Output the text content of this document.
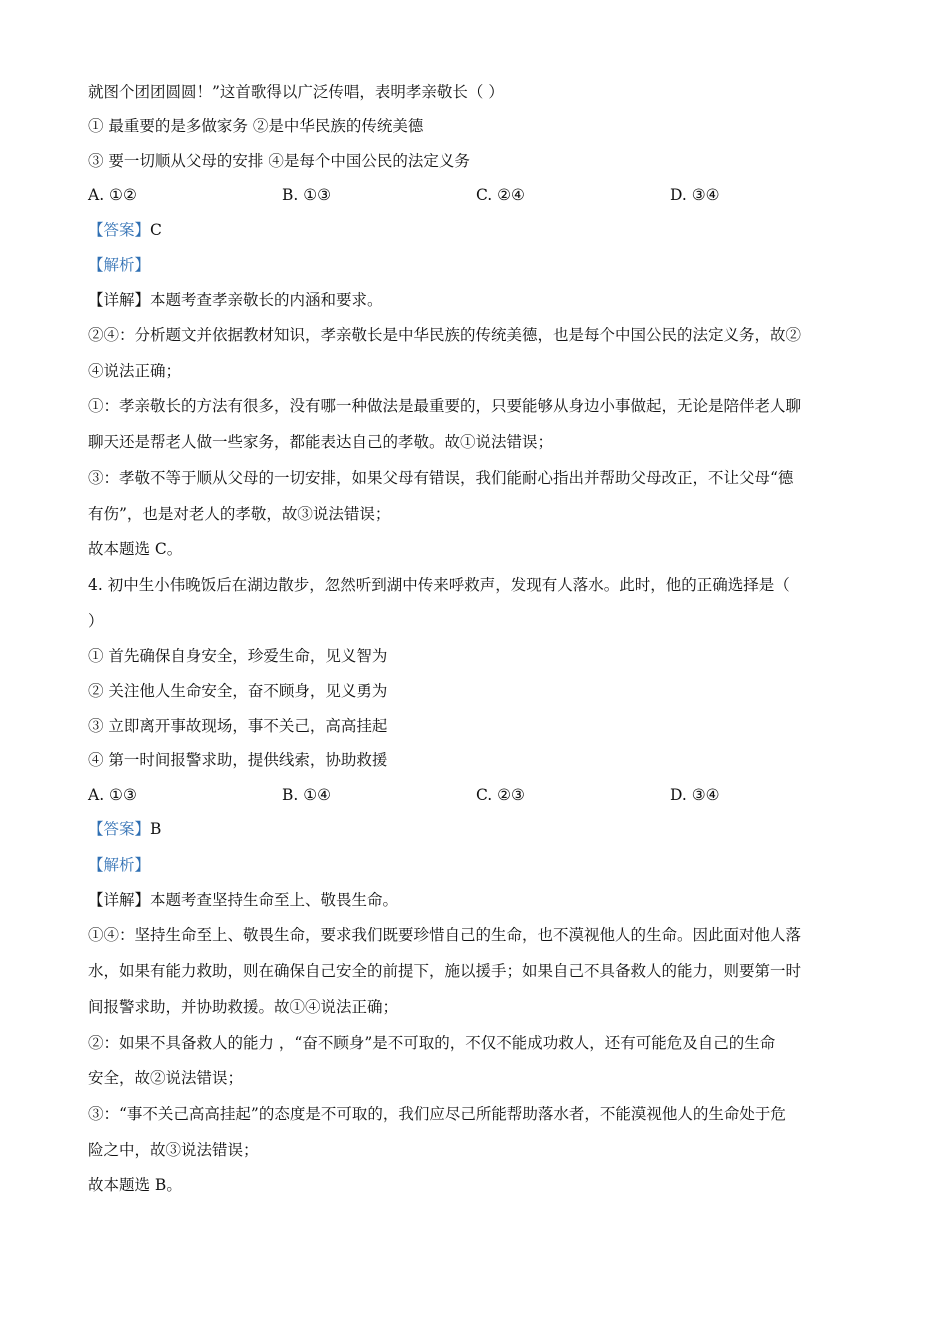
就图个团团圆圆！”这首歌得以广泛传唱，表明孝亲敬长（ ）
① 最重要的是多做家务 ②是中华民族的传统美德
③ 要一切顺从父母的安排 ④是每个中国公民的法定义务
A. ①②	B. ①③	C. ②④	D. ③④
【答案】C
【解析】
【详解】本题考查孝亲敬长的内涵和要求。
②④：分析题文并依据教材知识，孝亲敬长是中华民族的传统美德，也是每个中国公民的法定义务，故②
④说法正确；
①：孝亲敬长的方法有很多，没有哪一种做法是最重要的，只要能够从身边小事做起，无论是陪伴老人聊
聊天还是帮老人做一些家务，都能表达自己的孝敬。故①说法错误；
③：孝敬不等于顺从父母的一切安排，如果父母有错误，我们能耐心指出并帮助父母改正，不让父母“德
有伤”，也是对老人的孝敬，故③说法错误；
故本题选 C。
4. 初中生小伟晚饭后在湖边散步，忽然听到湖中传来呼救声，发现有人落水。此时，他的正确选择是（
）
① 首先确保自身安全，珍爱生命，见义智为
② 关注他人生命安全，奋不顾身，见义勇为
③ 立即离开事故现场，事不关己，高高挂起
④ 第一时间报警求助，提供线索，协助救援
A. ①③	B. ①④	C. ②③	D. ③④
【答案】B
【解析】
【详解】本题考查坚持生命至上、敬畏生命。
①④：坚持生命至上、敬畏生命，要求我们既要珍惜自己的生命，也不漠视他人的生命。因此面对他人落
水，如果有能力救助，则在确保自己安全的前提下，施以援手；如果自己不具备救人的能力，则要第一时
间报警求助，并协助救援。故①④说法正确；
②：如果不具备救人的能力 ，“奋不顾身”是不可取的，不仅不能成功救人，还有可能危及自己的生命
安全，故②说法错误；
③：“事不关己高高挂起”的态度是不可取的，我们应尽己所能帮助落水者，不能漠视他人的生命处于危
险之中，故③说法错误；
故本题选 B。
